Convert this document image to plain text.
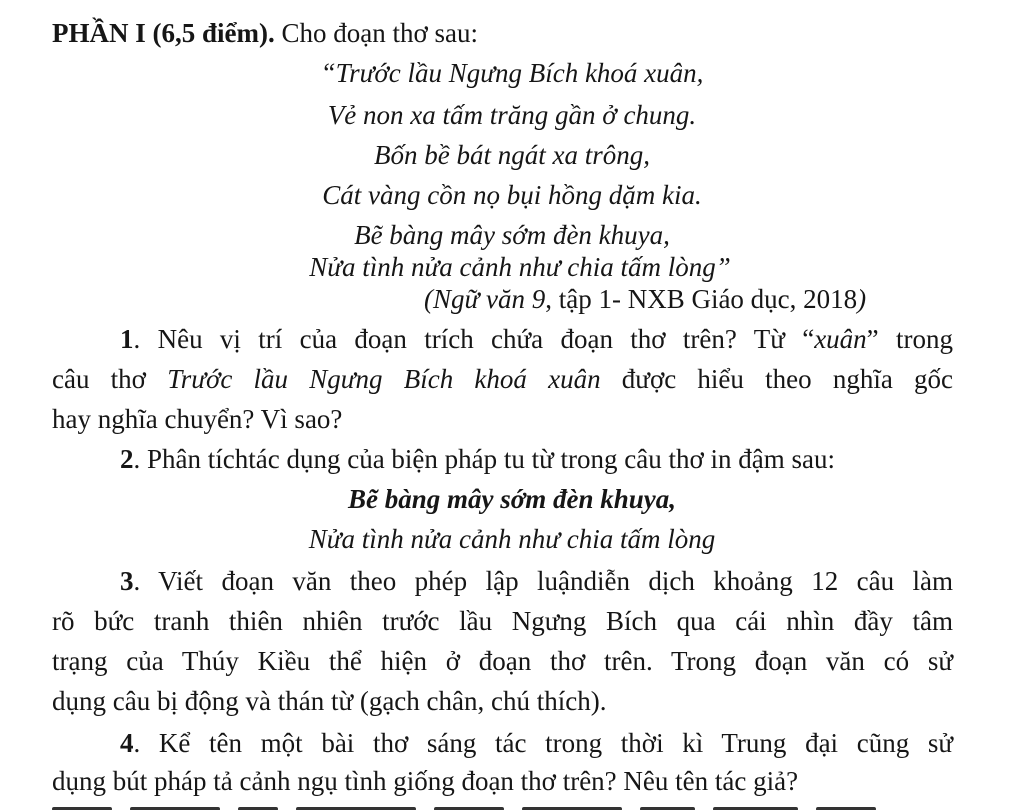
PHẦN I (6,5 điểm). Cho đoạn thơ sau:
“Trước lầu Ngưng Bích khoá xuân,
Vẻ non xa tấm trăng gần ở chung.
Bốn bề bát ngát xa trông,
Cát vàng cồn nọ bụi hồng dặm kia.
Bẽ bàng mây sớm đèn khuya,
Nửa tình nửa cảnh như chia tấm lòng”
(Ngữ văn 9, tập 1- NXB Giáo dục, 2018)
1. Nêu vị trí của đoạn trích chứa đoạn thơ trên? Từ “xuân” trong
câu thơ Trước lầu Ngưng Bích khoá xuân được hiểu theo nghĩa gốc
hay nghĩa chuyển? Vì sao?
2. Phân tíchtác dụng của biện pháp tu từ trong câu thơ in đậm sau:
Bẽ bàng mây sớm đèn khuya,
Nửa tình nửa cảnh như chia tấm lòng
3. Viết đoạn văn theo phép lập luậndiễn dịch khoảng 12 câu làm
rõ bức tranh thiên nhiên trước lầu Ngưng Bích qua cái nhìn đầy tâm
trạng của Thúy Kiều thể hiện ở đoạn thơ trên. Trong đoạn văn có sử
dụng câu bị động và thán từ (gạch chân, chú thích).
4. Kể tên một bài thơ sáng tác trong thời kì Trung đại cũng sử
dụng bút pháp tả cảnh ngụ tình giống đoạn thơ trên? Nêu tên tác giả?
